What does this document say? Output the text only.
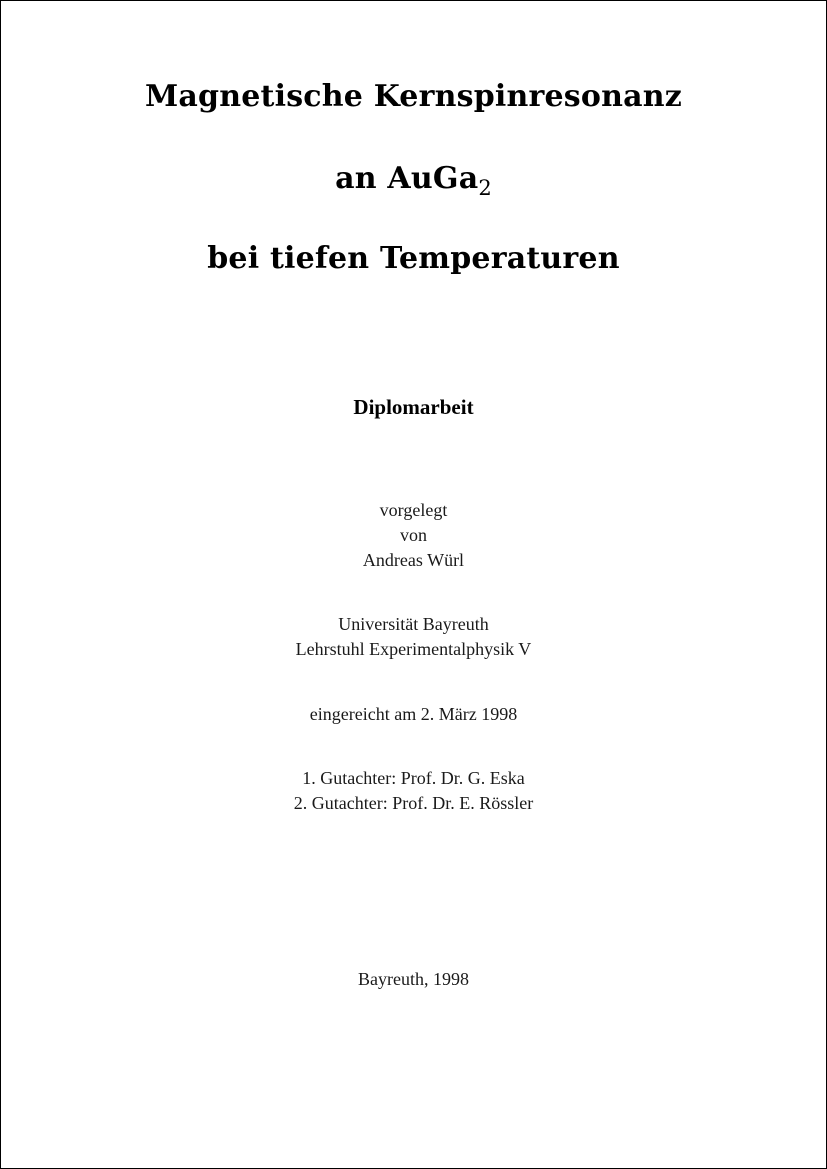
Magnetische Kernspinresonanz
an AuGa$_2$
bei tiefen Temperaturen
Diplomarbeit
vorgelegt
von
Andreas Würl
Universität Bayreuth
Lehrstuhl Experimentalphysik V
eingereicht am 2. März 1998
1. Gutachter: Prof. Dr. G. Eska
2. Gutachter: Prof. Dr. E. Rössler
Bayreuth, 1998
